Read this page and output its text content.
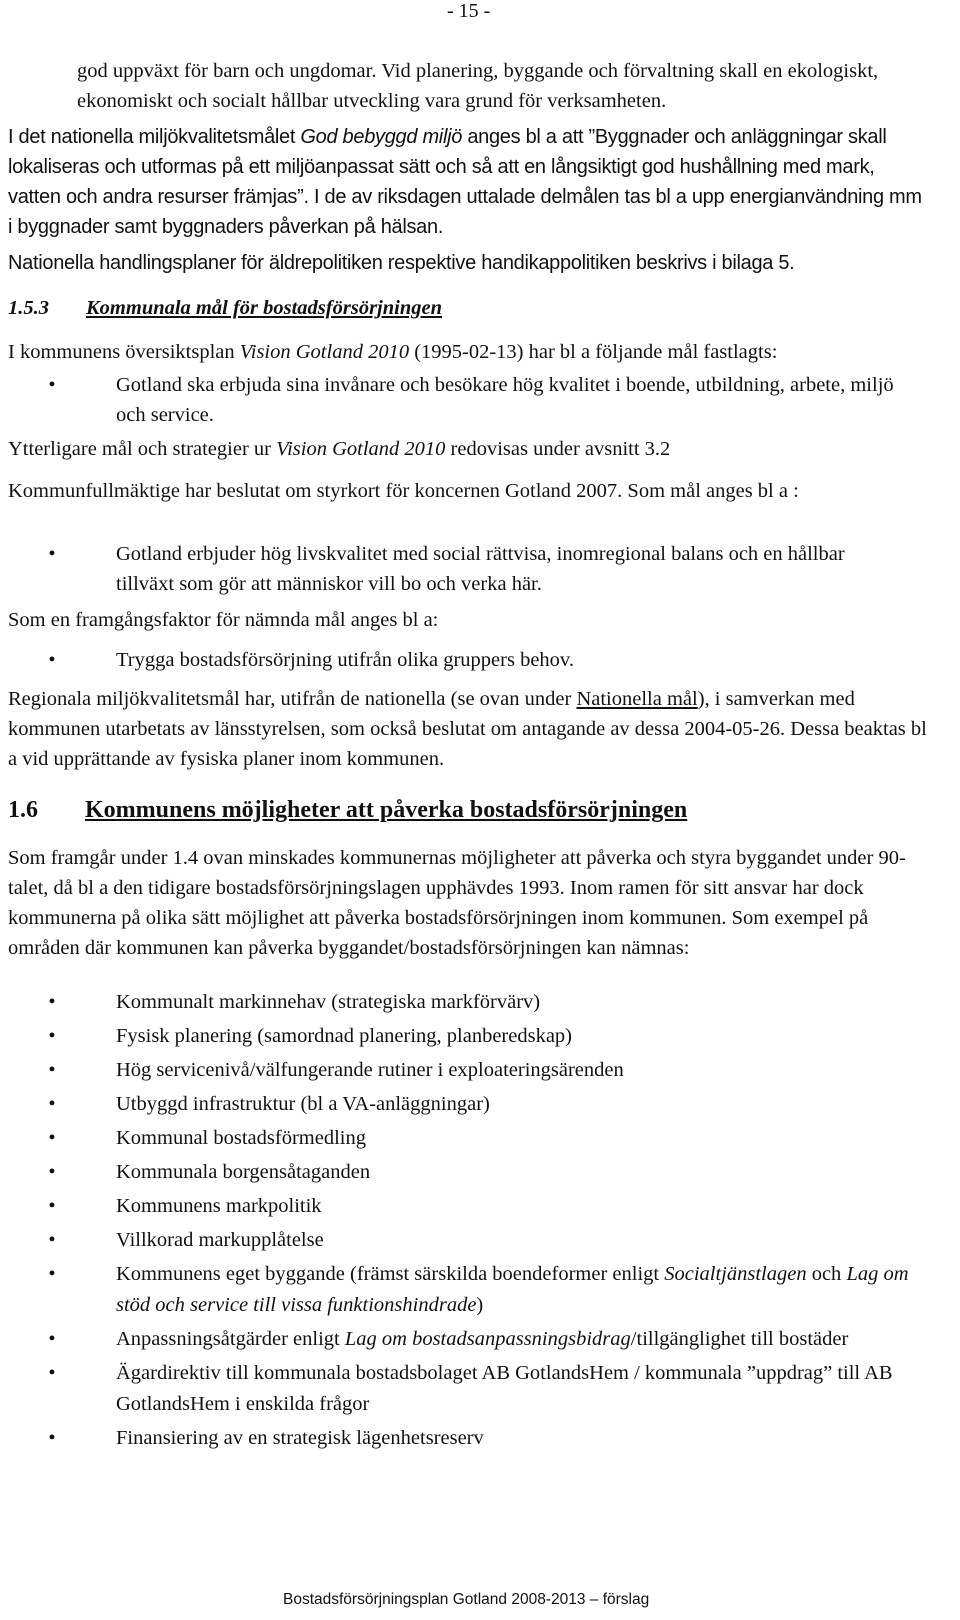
- 15 -

god uppväxt för barn och ungdomar. Vid planering, byggande och förvaltning skall en ekologiskt, ekonomiskt och socialt hållbar utveckling vara grund för verksamheten.

I det nationella miljökvalitetsmålet God bebyggd miljö anges bl a att ”Byggnader och anläggningar skall lokaliseras och utformas på ett miljöanpassat sätt och så att en långsiktigt god hushållning med mark, vatten och andra resurser främjas”. I de av riksdagen uttalade delmålen tas bl a upp energianvändning mm i byggnader samt byggnaders påverkan på hälsan.

Nationella handlingsplaner för äldrepolitiken respektive handikappolitiken beskrivs i bilaga 5.

1.5.3 Kommunala mål för bostadsförsörjningen

I kommunens översiktsplan Vision Gotland 2010 (1995-02-13) har bl a följande mål fastlagts:

•	Gotland ska erbjuda sina invånare och besökare hög kvalitet i boende, utbildning, arbete, miljö och service.

Ytterligare mål och strategier ur Vision Gotland 2010 redovisas under avsnitt 3.2

Kommunfullmäktige har beslutat om styrkort för koncernen Gotland 2007. Som mål anges bl a :

•	Gotland erbjuder hög livskvalitet med social rättvisa, inomregional balans och en hållbar tillväxt som gör att människor vill bo och verka här.

Som en framgångsfaktor för nämnda mål anges bl a:

•	Trygga bostadsförsörjning utifrån olika gruppers behov.

Regionala miljökvalitetsmål har, utifrån de nationella (se ovan under Nationella mål), i samverkan med kommunen utarbetats av länsstyrelsen, som också beslutat om antagande av dessa 2004-05-26. Dessa beaktas bl a vid upprättande av fysiska planer inom kommunen.

1.6 Kommunens möjligheter att påverka bostadsförsörjningen

Som framgår under 1.4 ovan minskades kommunernas möjligheter att påverka och styra byggandet under 90-talet, då bl a den tidigare bostadsförsörjningslagen upphävdes 1993. Inom ramen för sitt ansvar har dock kommunerna på olika sätt möjlighet att påverka bostadsförsörjningen inom kommunen. Som exempel på områden där kommunen kan påverka byggandet/bostadsförsörjningen kan nämnas:

•	Kommunalt markinnehav (strategiska markförvärv)
•	Fysisk planering (samordnad planering, planberedskap)
•	Hög servicenivå/välfungerande rutiner i exploateringsärenden
•	Utbyggd infrastruktur (bl a VA-anläggningar)
•	Kommunal bostadsförmedling
•	Kommunala borgensåtaganden
•	Kommunens markpolitik
•	Villkorad markupplåtelse
•	Kommunens eget byggande (främst särskilda boendeformer enligt Socialtjänstlagen och Lag om stöd och service till vissa funktionshindrade)
•	Anpassningsåtgärder enligt Lag om bostadsanpassningsbidrag/tillgänglighet till bostäder
•	Ägardirektiv till kommunala bostadsbolaget AB GotlandsHem / kommunala ”uppdrag” till AB GotlandsHem i enskilda frågor
•	Finansiering av en strategisk lägenhetsreserv
Bostadsförsörjningsplan Gotland 2008-2013 – förslag
